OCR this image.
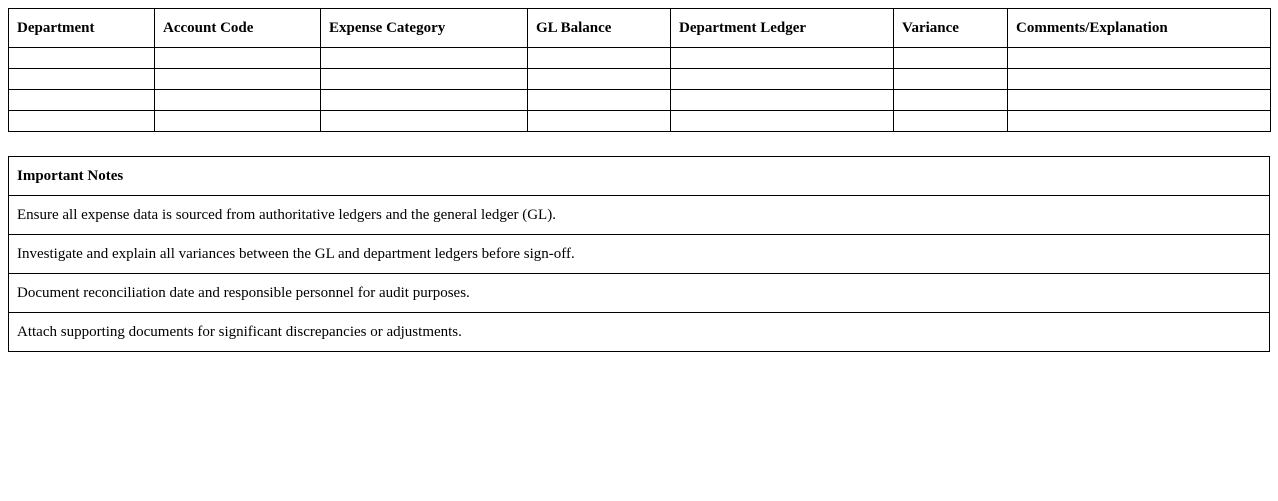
Department	Account Code	Expense Category	GL Balance	Department Ledger	Variance	Comments/Explanation

Important Notes
Ensure all expense data is sourced from authoritative ledgers and the general ledger (GL).
Investigate and explain all variances between the GL and department ledgers before sign-off.
Document reconciliation date and responsible personnel for audit purposes.
Attach supporting documents for significant discrepancies or adjustments.
